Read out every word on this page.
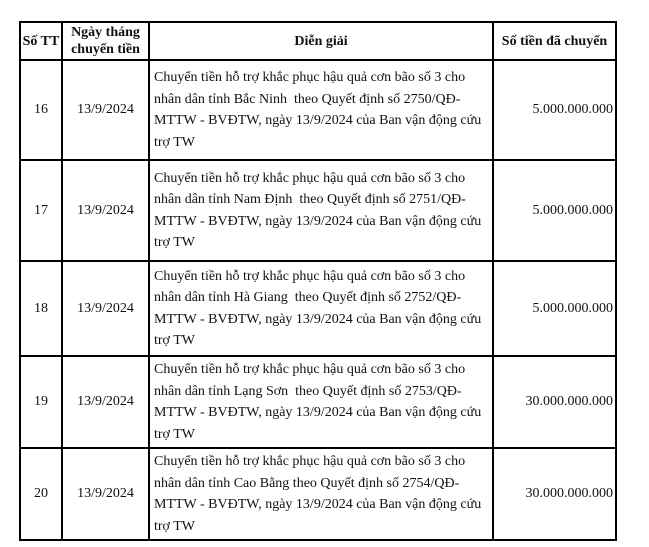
Số TT	Ngày tháng chuyển tiền	Diễn giải	Số tiền đã chuyển
16	13/9/2024	Chuyển tiền hỗ trợ khắc phục hậu quả cơn bão số 3 cho nhân dân tỉnh Bắc Ninh  theo Quyết định số 2750/QĐ-MTTW - BVĐTW, ngày 13/9/2024 của Ban vận động cứu trợ TW	5.000.000.000
17	13/9/2024	Chuyển tiền hỗ trợ khắc phục hậu quả cơn bão số 3 cho nhân dân tỉnh Nam Định  theo Quyết định số 2751/QĐ-MTTW - BVĐTW, ngày 13/9/2024 của Ban vận động cứu trợ TW	5.000.000.000
18	13/9/2024	Chuyển tiền hỗ trợ khắc phục hậu quả cơn bão số 3 cho nhân dân tỉnh Hà Giang  theo Quyết định số 2752/QĐ-MTTW - BVĐTW, ngày 13/9/2024 của Ban vận động cứu trợ TW	5.000.000.000
19	13/9/2024	Chuyển tiền hỗ trợ khắc phục hậu quả cơn bão số 3 cho nhân dân tỉnh Lạng Sơn  theo Quyết định số 2753/QĐ-MTTW - BVĐTW, ngày 13/9/2024 của Ban vận động cứu trợ TW	30.000.000.000
20	13/9/2024	Chuyển tiền hỗ trợ khắc phục hậu quả cơn bão số 3 cho nhân dân tỉnh Cao Bằng theo Quyết định số 2754/QĐ-MTTW - BVĐTW, ngày 13/9/2024 của Ban vận động cứu trợ TW	30.000.000.000
